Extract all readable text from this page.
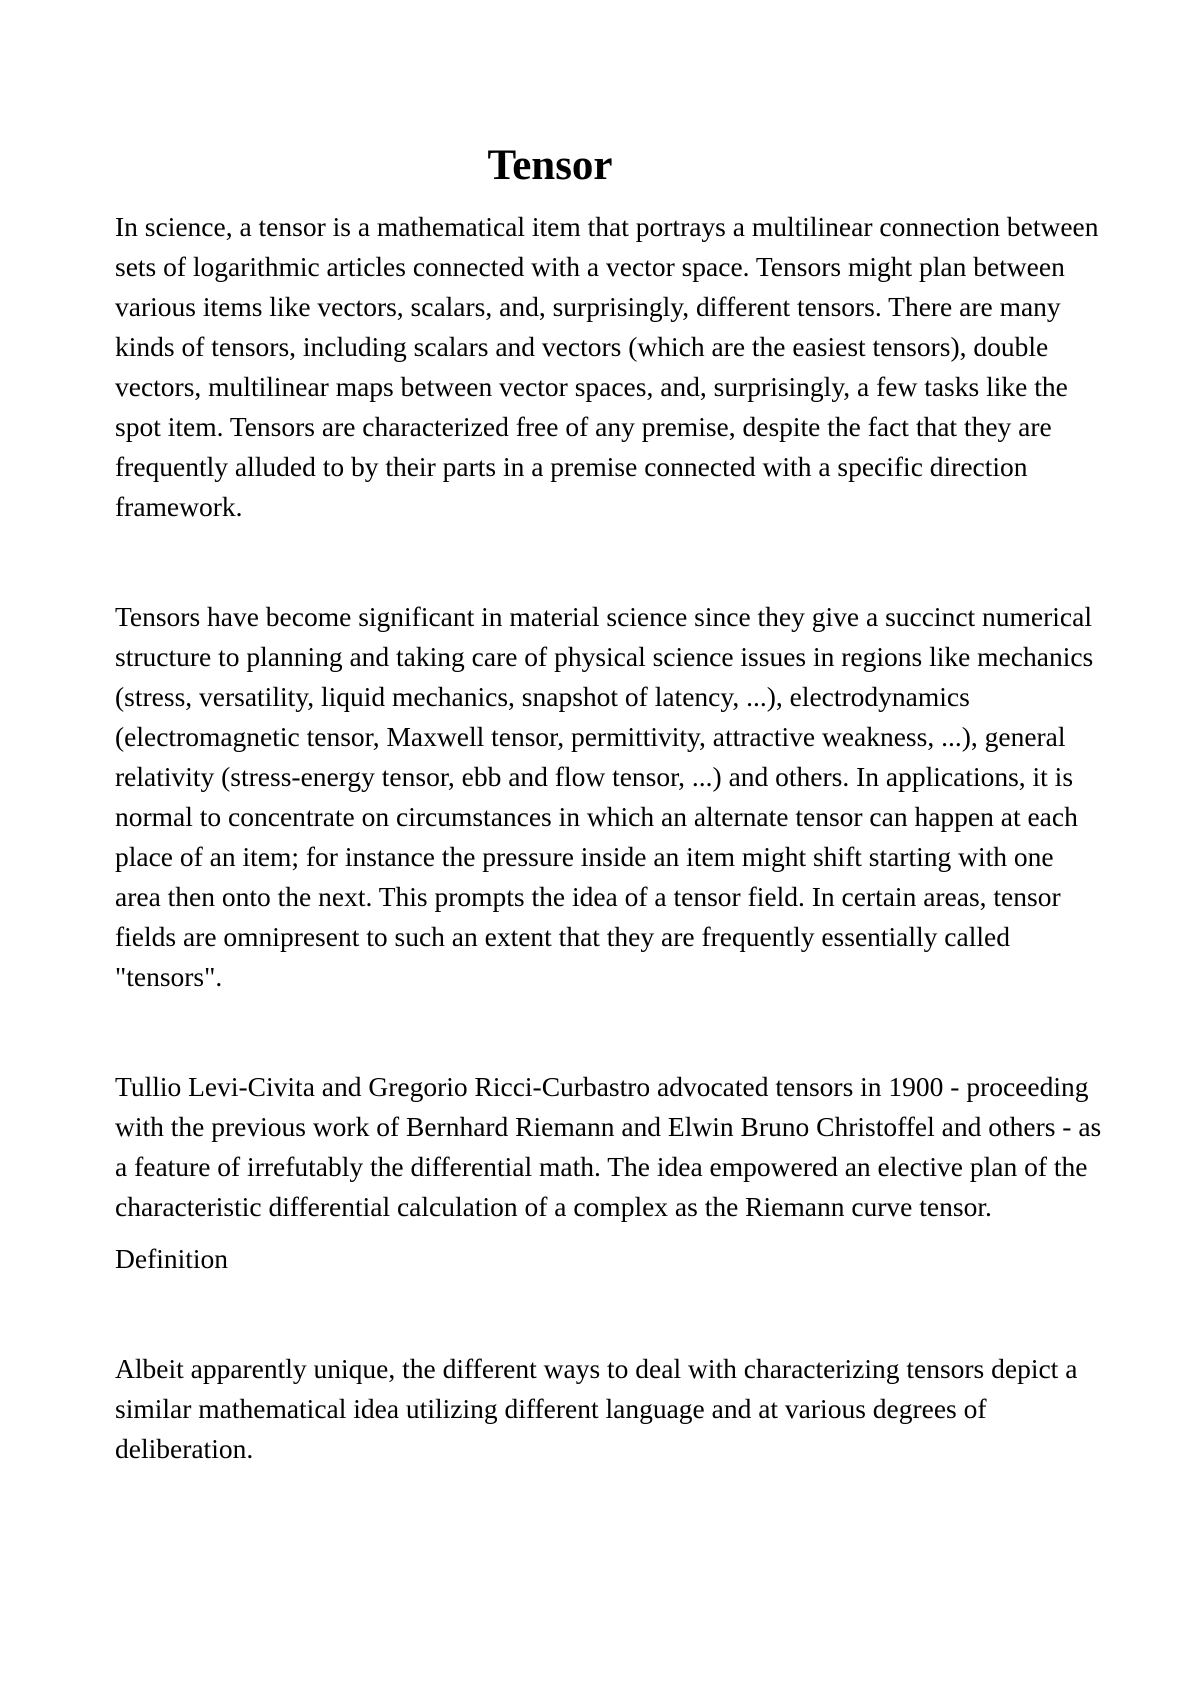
Tensor

In science, a tensor is a mathematical item that portrays a multilinear connection between sets of logarithmic articles connected with a vector space. Tensors might plan between various items like vectors, scalars, and, surprisingly, different tensors. There are many kinds of tensors, including scalars and vectors (which are the easiest tensors), double vectors, multilinear maps between vector spaces, and, surprisingly, a few tasks like the spot item. Tensors are characterized free of any premise, despite the fact that they are frequently alluded to by their parts in a premise connected with a specific direction framework.

Tensors have become significant in material science since they give a succinct numerical structure to planning and taking care of physical science issues in regions like mechanics (stress, versatility, liquid mechanics, snapshot of latency, ...), electrodynamics (electromagnetic tensor, Maxwell tensor, permittivity, attractive weakness, ...), general relativity (stress-energy tensor, ebb and flow tensor, ...) and others. In applications, it is normal to concentrate on circumstances in which an alternate tensor can happen at each place of an item; for instance the pressure inside an item might shift starting with one area then onto the next. This prompts the idea of a tensor field. In certain areas, tensor fields are omnipresent to such an extent that they are frequently essentially called "tensors".

Tullio Levi-Civita and Gregorio Ricci-Curbastro advocated tensors in 1900 - proceeding with the previous work of Bernhard Riemann and Elwin Bruno Christoffel and others - as a feature of irrefutably the differential math. The idea empowered an elective plan of the characteristic differential calculation of a complex as the Riemann curve tensor.

Definition

Albeit apparently unique, the different ways to deal with characterizing tensors depict a similar mathematical idea utilizing different language and at various degrees of deliberation.
